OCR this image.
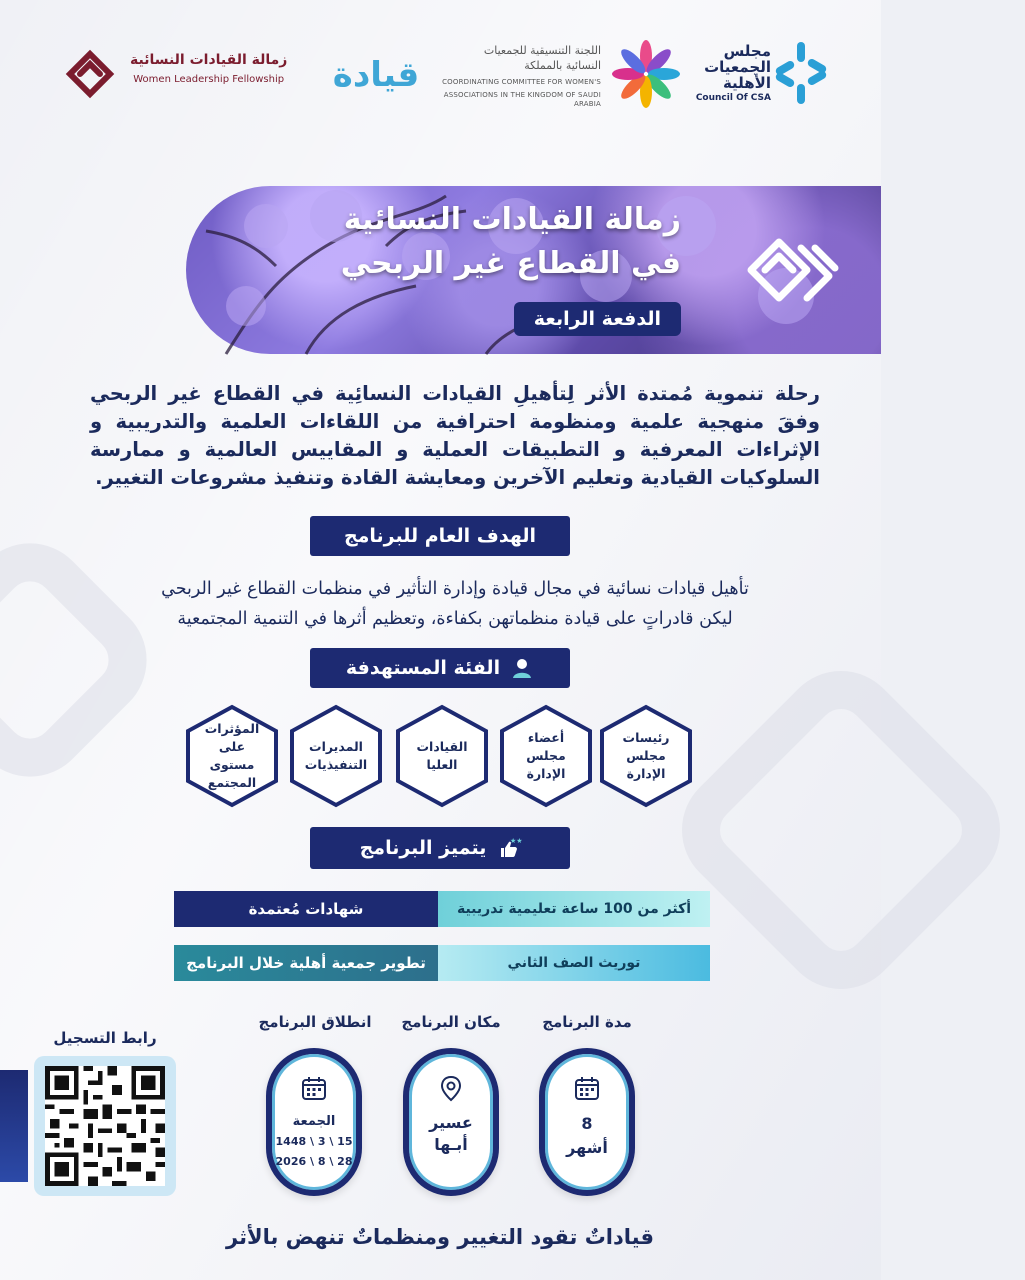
مجلس
الجمعيات
الأهلية
Council Of CSA
اللجنة التنسيقية للجمعيات
النسائية بالمملكة
COORDINATING COMMITTEE FOR WOMEN'S
ASSOCIATIONS IN THE KINGDOM OF SAUDI ARABIA
قيادة
زمالة القيادات النسائية
Women Leadership Fellowship
زمالة القيادات النسائية
في القطاع غير الربحي
الدفعة الرابعة
رحلة تنموية مُمتدة الأثر لِتأهيلِ القيادات النسائِية في القطاع غير الربحي وفقَ منهجية علمية ومنظومة احترافية من اللقاءات العلمية والتدريبية و الإثراءات المعرفية و التطبيقات العملية و المقاييس العالمية و ممارسة السلوكيات القيادية وتعليم الآخرين ومعايشة القادة وتنفيذ مشروعات التغيير.
الهدف العام للبرنامج
تأهيل قيادات نسائية في مجال قيادة وإدارة التأثير في منظمات القطاع غير الربحي
ليكن قادراتٍ على قيادة منظماتهن بكفاءة، وتعظيم أثرها في التنمية المجتمعية
الفئة المستهدفة
رئيسات مجلس الإدارة
أعضاء مجلس الإدارة
القيادات العليا
المديرات التنفيذيات
المؤثرات على مستوى المجتمع
يتميز البرنامج	★★
شهادات مُعتمدة	أكثر من 100 ساعة تعليمية تدريبية
تطوير جمعية أهلية خلال البرنامج	توريث الصف الثاني
مدة البرنامج
مكان البرنامج
انطلاق البرنامج
8
أشهر
عسير
أبـها
الجمعة
15 \ 3 \ 1448
28 \ 8 \ 2026
رابط التسجيل
قياداتٌ تقود التغيير ومنظماتٌ تنهض بالأثر
